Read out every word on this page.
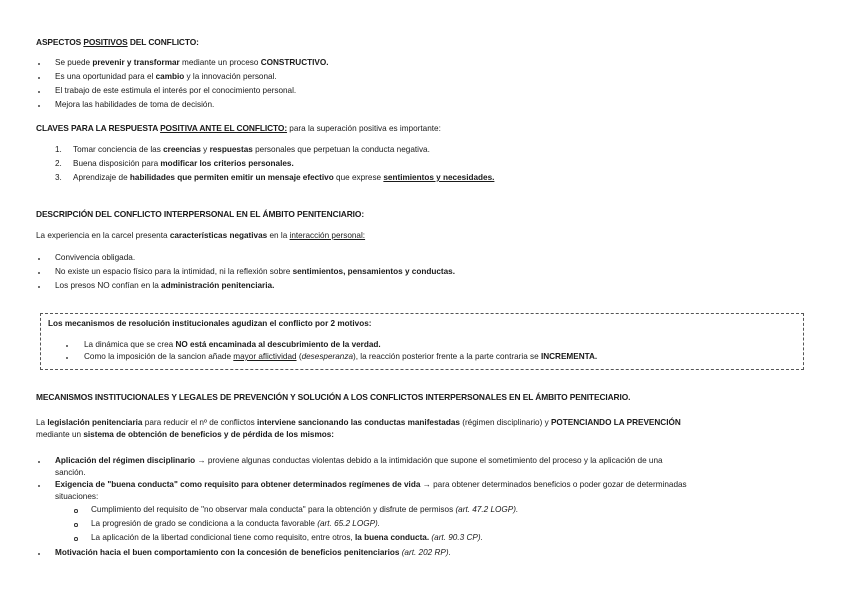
ASPECTOS POSITIVOS DEL CONFLICTO:
Se puede prevenir y transformar mediante un proceso CONSTRUCTIVO.
Es una oportunidad para el cambio y la innovación personal.
El trabajo de este estimula el interés por el conocimiento personal.
Mejora las habilidades de toma de decisión.
CLAVES PARA LA RESPUESTA POSITIVA ANTE EL CONFLICTO: para la superación positiva es importante:
1. Tomar conciencia de las creencias y respuestas personales que perpetuan la conducta negativa.
2. Buena disposición para modificar los criterios personales.
3. Aprendizaje de habilidades que permiten emitir un mensaje efectivo que exprese sentimientos y necesidades.
DESCRIPCIÓN DEL CONFLICTO INTERPERSONAL EN EL ÁMBITO PENITENCIARIO:
La experiencia en la carcel presenta características negativas en la interacción personal:
Convivencia obligada.
No existe un espacio físico para la intimidad, ni la reflexión sobre sentimientos, pensamientos y conductas.
Los presos NO confían en la administración penitenciaria.
Los mecanismos de resolución institucionales agudizan el conflicto por 2 motivos:
La dinámica que se crea NO está encaminada al descubrimiento de la verdad.
Como la imposición de la sancion añade mayor aflictividad (desesperanza), la reacción posterior frente a la parte contraria se INCREMENTA.
MECANISMOS INSTITUCIONALES Y LEGALES DE PREVENCIÓN Y SOLUCIÓN A LOS CONFLICTOS INTERPERSONALES EN EL ÁMBITO PENITECIARIO.
La legislación penitenciaria para reducir el nº de conflictos interviene sancionando las conductas manifestadas (régimen disciplinario) y POTENCIANDO LA PREVENCIÓN
mediante un sistema de obtención de beneficios y de pérdida de los mismos:
Aplicación del régimen disciplinario → proviene algunas conductas violentas debido a la intimidación que supone el sometimiento del proceso y la aplicación de una
sanción.
Exigencia de "buena conducta" como requisito para obtener determinados regímenes de vida → para obtener determinados beneficios o poder gozar de determinadas
situaciones:
Cumplimiento del requisito de "no observar mala conducta" para la obtención y disfrute de permisos (art. 47.2 LOGP).
La progresión de grado se condiciona a la conducta favorable (art. 65.2 LOGP).
La aplicación de la libertad condicional tiene como requisito, entre otros, la buena conducta. (art. 90.3 CP).
Motivación hacia el buen comportamiento con la concesión de beneficios penitenciarios (art. 202 RP).
